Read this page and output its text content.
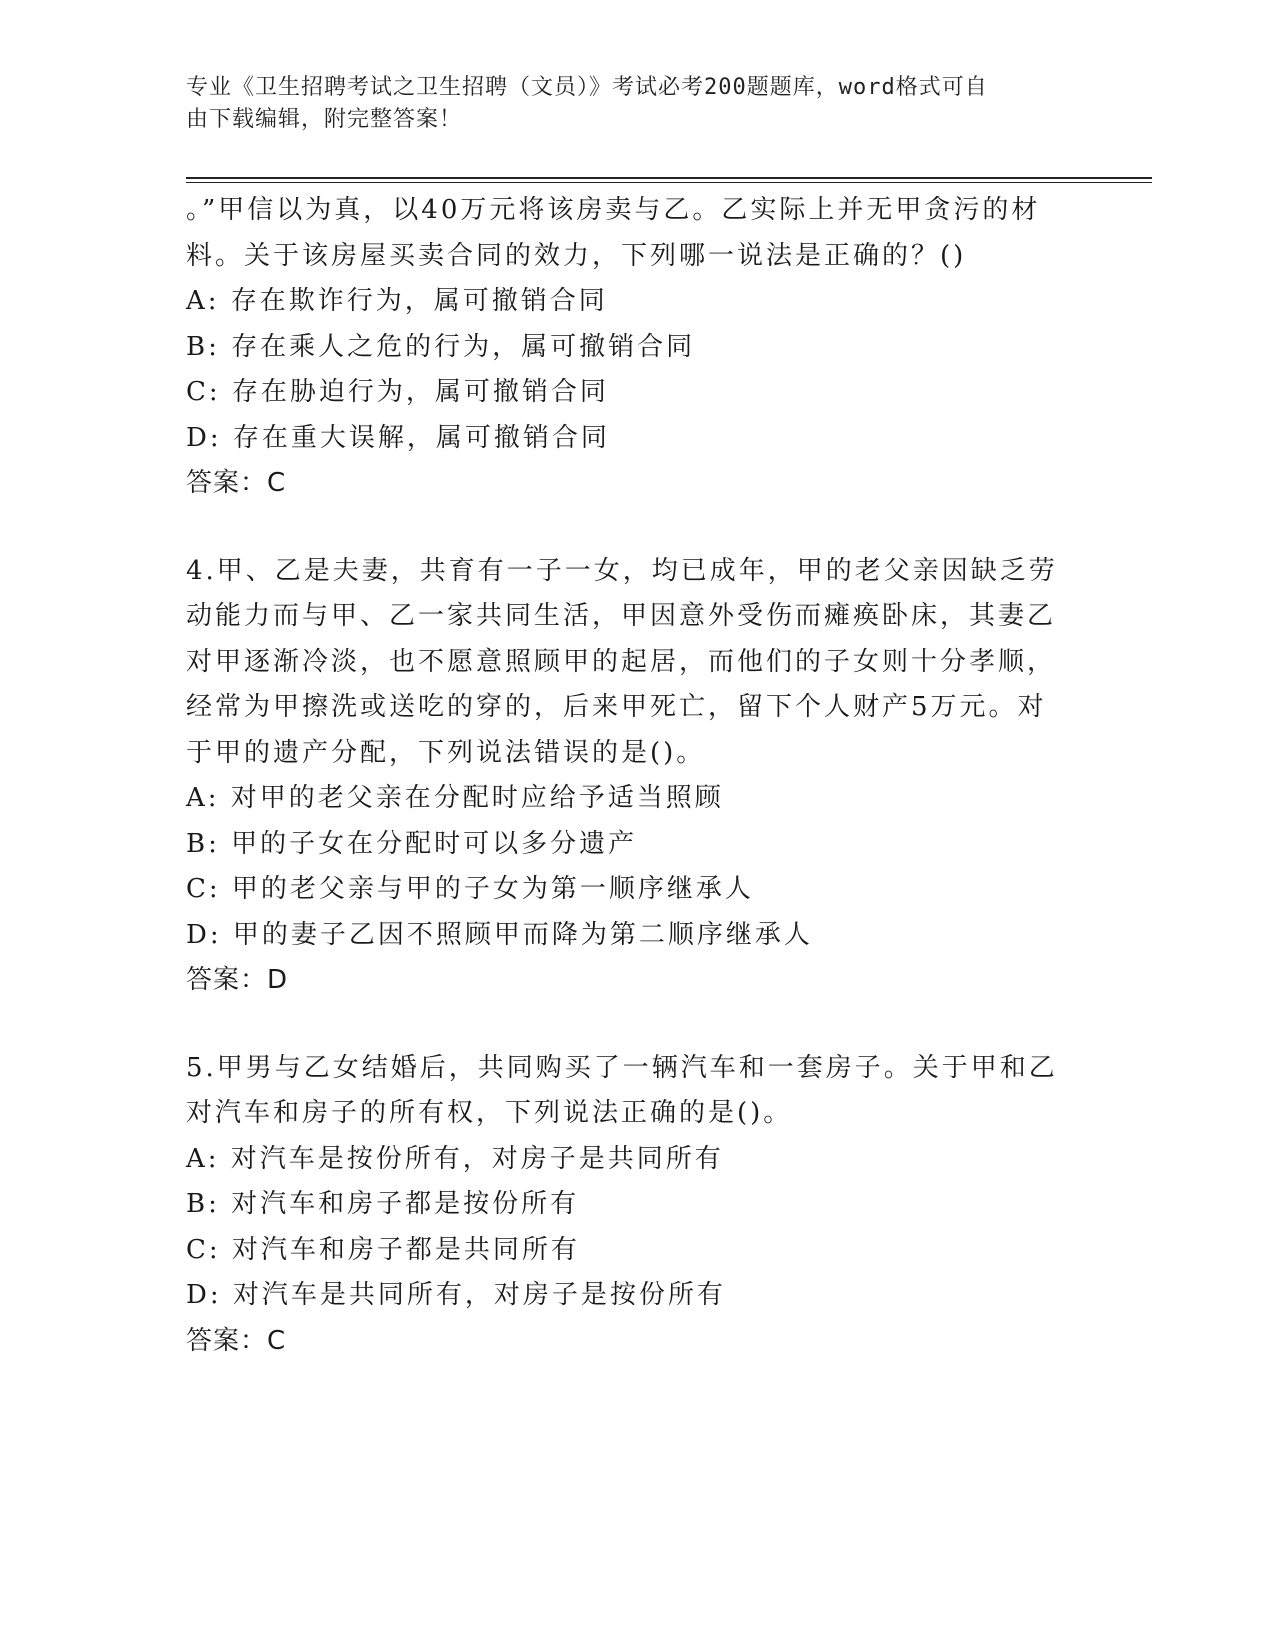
专业《卫生招聘考试之卫生招聘（文员）》考试必考200题题库，word格式可自
由下载编辑，附完整答案！
。”甲信以为真，以40万元将该房卖与乙。乙实际上并无甲贪污的材
料。关于该房屋买卖合同的效力，下列哪一说法是正确的？()
A: 存在欺诈行为，属可撤销合同
B: 存在乘人之危的行为，属可撤销合同
C: 存在胁迫行为，属可撤销合同
D: 存在重大误解，属可撤销合同
答案：C
4.甲、乙是夫妻，共育有一子一女，均已成年，甲的老父亲因缺乏劳
动能力而与甲、乙一家共同生活，甲因意外受伤而瘫痪卧床，其妻乙
对甲逐渐冷淡，也不愿意照顾甲的起居，而他们的子女则十分孝顺，
经常为甲擦洗或送吃的穿的，后来甲死亡，留下个人财产5万元。对
于甲的遗产分配，下列说法错误的是()。
A: 对甲的老父亲在分配时应给予适当照顾
B: 甲的子女在分配时可以多分遗产
C: 甲的老父亲与甲的子女为第一顺序继承人
D: 甲的妻子乙因不照顾甲而降为第二顺序继承人
答案：D
5.甲男与乙女结婚后，共同购买了一辆汽车和一套房子。关于甲和乙
对汽车和房子的所有权，下列说法正确的是()。
A: 对汽车是按份所有，对房子是共同所有
B: 对汽车和房子都是按份所有
C: 对汽车和房子都是共同所有
D: 对汽车是共同所有，对房子是按份所有
答案：C
